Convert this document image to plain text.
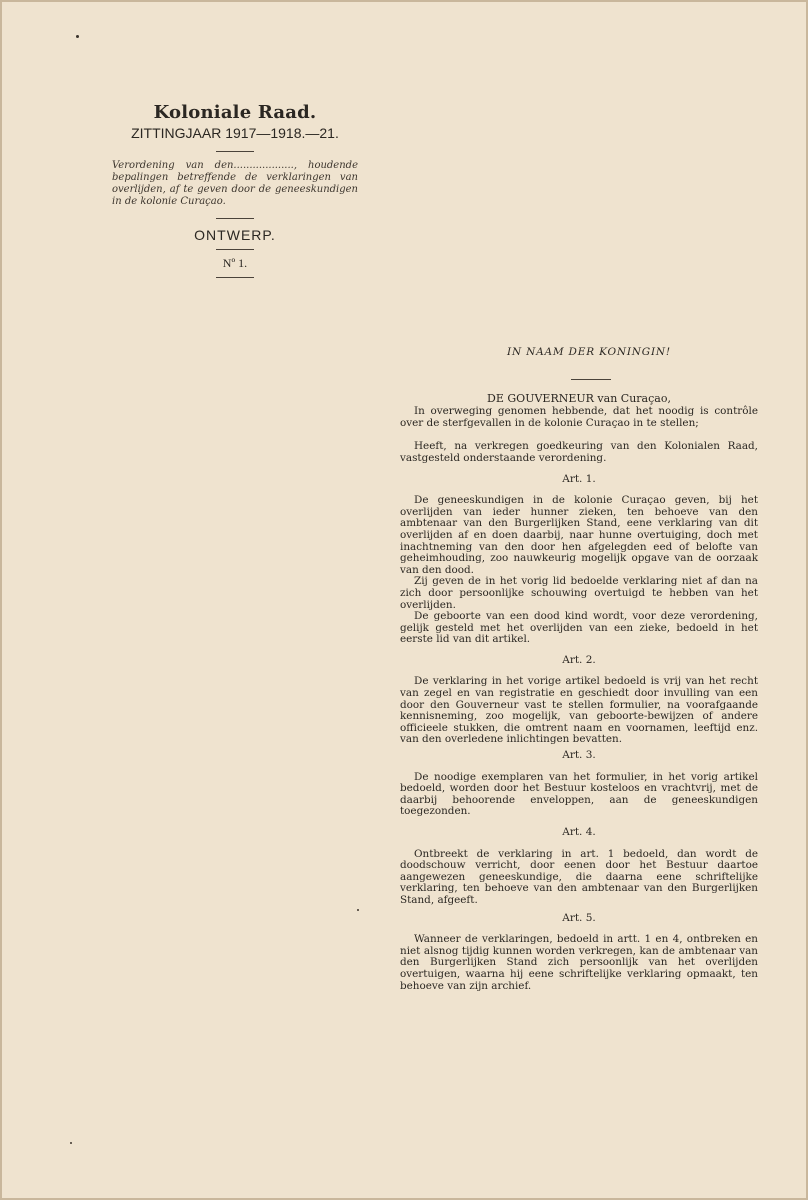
Koloniale Raad.
ZITTINGJAAR 1917—1918.—21.
Verordening van den..................., houdende bepalingen betreffende de verklaringen van overlijden, af te geven door de geneeskundigen in de kolonie Curaçao.
ONTWERP.
Nº 1.
IN NAAM DER KONINGIN!
DE GOUVERNEUR van Curaçao,

In overweging genomen hebbende, dat het noodig is contrôle over de sterfgevallen in de kolonie Curaçao in te stellen;

Heeft, na verkregen goedkeuring van den Kolonialen Raad, vastgesteld onderstaande verordening.

Art. 1.

De geneeskundigen in de kolonie Curaçao geven, bij het overlijden van ieder hunner zieken, ten behoeve van den ambtenaar van den Burgerlijken Stand, eene verklaring van dit overlijden af en doen daarbij, naar hunne overtuiging, doch met inachtneming van den door hen afgelegden eed of belofte van geheimhouding, zoo nauwkeurig mogelijk opgave van de oorzaak van den dood.

Zij geven de in het vorig lid bedoelde verklaring niet af dan na zich door persoonlijke schouwing overtuigd te hebben van het overlijden.

De geboorte van een dood kind wordt, voor deze verordening, gelijk gesteld met het overlijden van een zieke, bedoeld in het eerste lid van dit artikel.

Art. 2.

De verklaring in het vorige artikel bedoeld is vrij van het recht van zegel en van registratie en geschiedt door invulling van een door den Gouverneur vast te stellen formulier, na voorafgaande kennisneming, zoo mogelijk, van geboorte-bewijzen of andere officieele stukken, die omtrent naam en voornamen, leeftijd enz. van den overledene inlichtingen bevatten.

Art. 3.

De noodige exemplaren van het formulier, in het vorig artikel bedoeld, worden door het Bestuur kosteloos en vrachtvrij, met de daarbij behoorende enveloppen, aan de geneeskundigen toegezonden.

Art. 4.

Ontbreekt de verklaring in art. 1 bedoeld, dan wordt de doodschouw verricht, door eenen door het Bestuur daartoe aangewezen geneeskundige, die daarna eene schriftelijke verklaring, ten behoeve van den ambtenaar van den Burgerlijken Stand, afgeeft.

Art. 5.

Wanneer de verklaringen, bedoeld in artt. 1 en 4, ontbreken en niet alsnog tijdig kunnen worden verkregen, kan de ambtenaar van den Burgerlijken Stand zich persoonlijk van het overlijden overtuigen, waarna hij eene schriftelijke verklaring opmaakt, ten behoeve van zijn archief.
